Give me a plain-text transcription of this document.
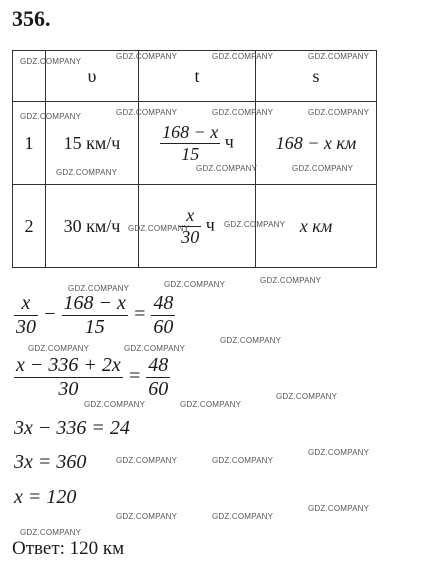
356.
	υ	t	s
1	15 км/ч	$\frac{168 - x}{15}$ ч	168 − x км
2	30 км/ч	$\frac{x}{30}$ ч	x км
$\frac{x}{30} - \frac{168 - x}{15} = \frac{48}{60}$
$\frac{x - 336 + 2x}{30} = \frac{48}{60}$
3x − 336 = 24
3x = 360
x = 120
Ответ: 120 км
GDZ.COMPANY
GDZ.COMPANY	GDZ.COMPANY	GDZ.COMPANY
GDZ.COMPANY	GDZ.COMPANY	GDZ.COMPANY	GDZ.COMPANY
GDZ.COMPANY	GDZ.COMPANY	GDZ.COMPANY
GDZ.COMPANY	GDZ.COMPANY
GDZ.COMPANY	GDZ.COMPANY	GDZ.COMPANY
GDZ.COMPANY	GDZ.COMPANY
GDZ.COMPANY
GDZ.COMPANY	GDZ.COMPANY
GDZ.COMPANY
GDZ.COMPANY	GDZ.COMPANY
GDZ.COMPANY
GDZ.COMPANY	GDZ.COMPANY
GDZ.COMPANY
GDZ.COMPANY
